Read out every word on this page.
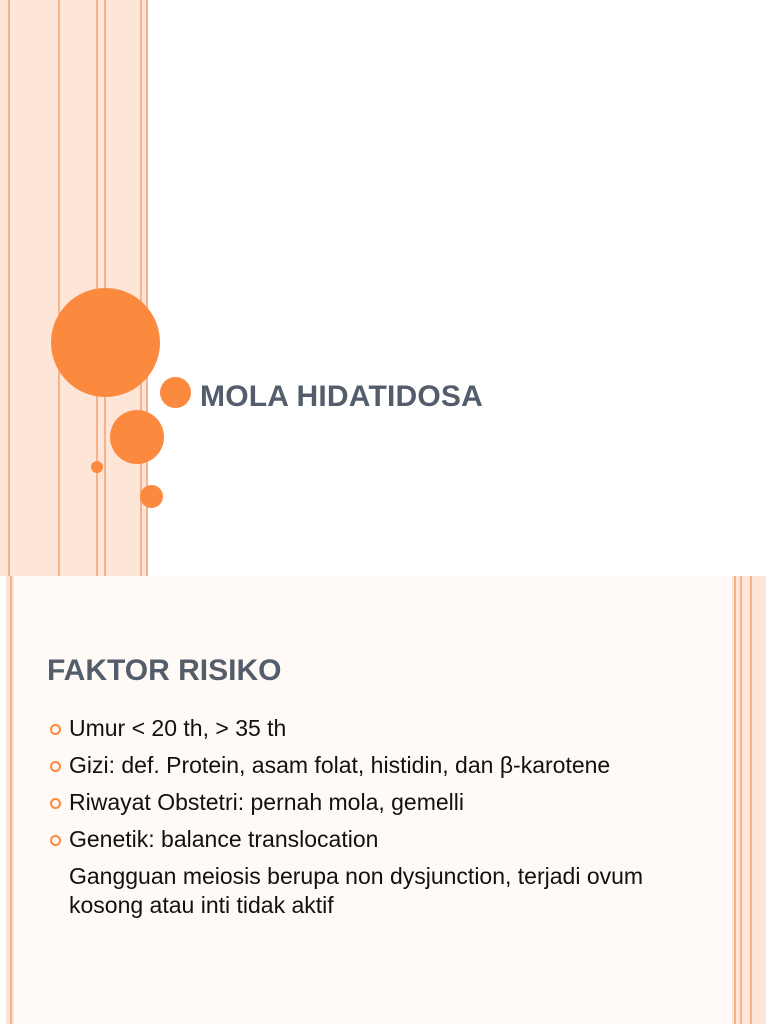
MOLA HIDATIDOSA
FAKTOR RISIKO
Umur < 20 th, > 35 th
Gizi: def. Protein, asam folat, histidin, dan β-karotene
Riwayat Obstetri: pernah mola, gemelli
Genetik: balance translocation
Gangguan meiosis berupa non dysjunction, terjadi ovum kosong atau inti tidak aktif
